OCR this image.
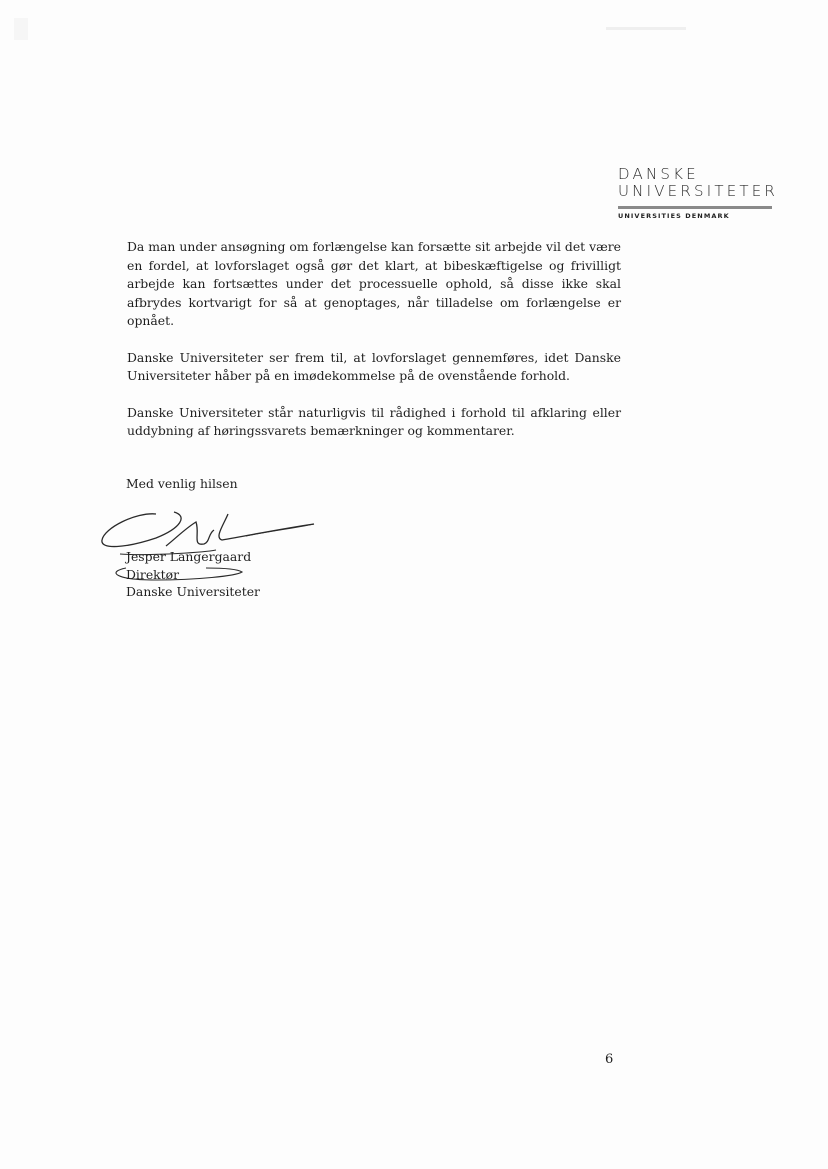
DANSKE
UNIVERSITETER
UNIVERSITIES DENMARK

Da man under ansøgning om forlængelse kan forsætte sit arbejde vil det være en fordel, at lovforslaget også gør det klart, at bibeskæftigelse og frivilligt arbejde kan fortsættes under det processuelle ophold, så disse ikke skal afbrydes kortvarigt for så at genoptages, når tilladelse om forlængelse er opnået.

Danske Universiteter ser frem til, at lovforslaget gennemføres, idet Danske Universiteter håber på en imødekommelse på de ovenstående forhold.

Danske Universiteter står naturligvis til rådighed i forhold til afklaring eller uddybning af høringssvarets bemærkninger og kommentarer.

Med venlig hilsen
Jesper Langergaard
Direktør
Danske Universiteter
6
